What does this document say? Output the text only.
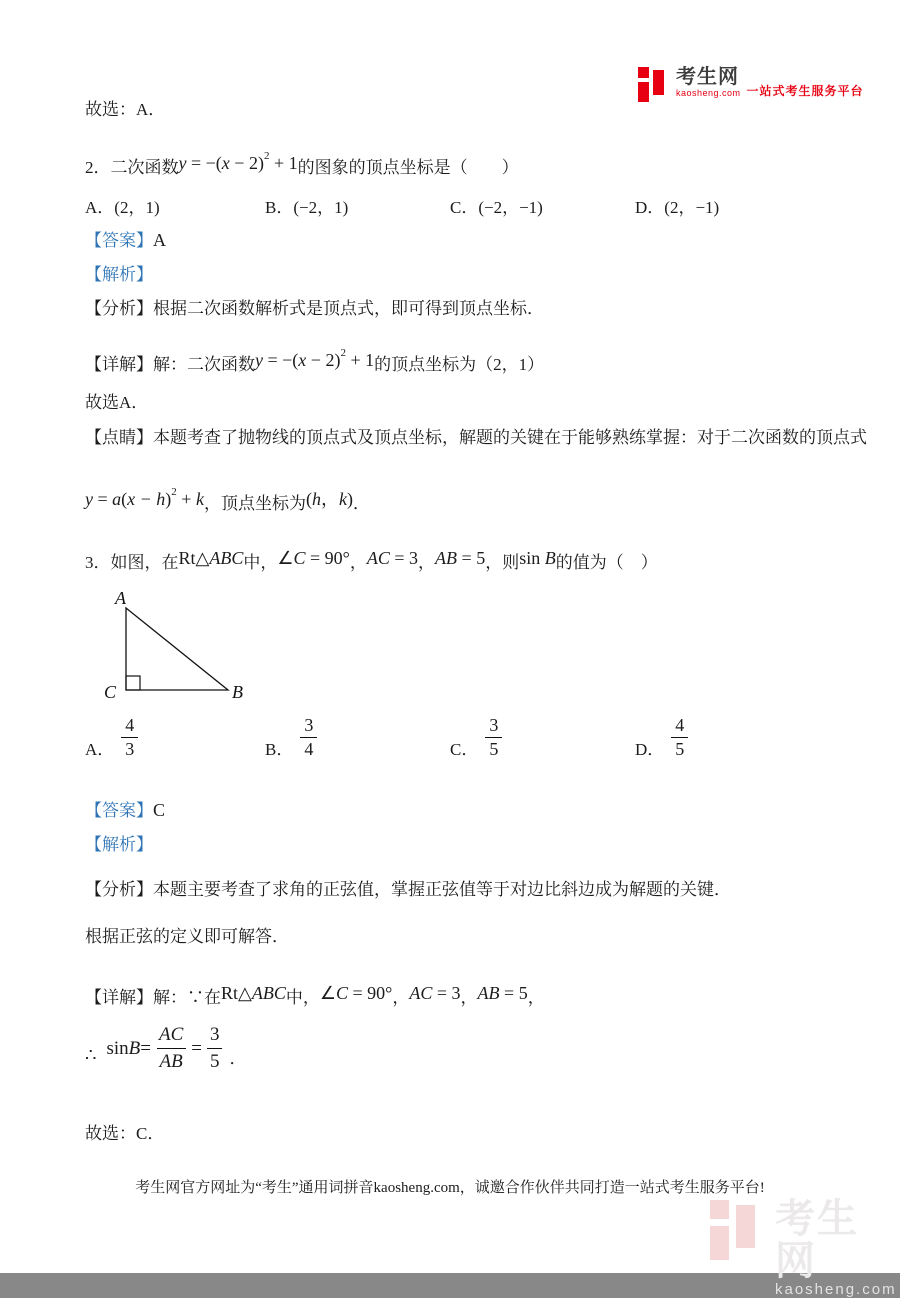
考生网
kaosheng.com 一站式考生服务平台
故选：A．
2．二次函数$y = -(x - 2)^2 + 1$的图象的顶点坐标是（　　）
A．(2，1)	B．(−2，1)	C．(−2，−1)	D．(2，−1)
【答案】A
【解析】
【分析】根据二次函数解析式是顶点式，即可得到顶点坐标．
【详解】解：二次函数$y = -(x - 2)^2 + 1$的顶点坐标为（2，1）
故选A．
【点睛】本题考查了抛物线的顶点式及顶点坐标，解题的关键在于能够熟练掌握：对于二次函数的顶点式
$y = a(x - h)^2 + k$，顶点坐标为(h，k)．
3．如图，在Rt△ABC中，∠C = 90°，AC = 3，AB = 5，则sin B的值为（　）
A
C	B
A．
4
3	B．
3
4	C．
3
5	D．
4
5
【答案】C
【解析】
【分析】本题主要考查了求角的正弦值，掌握正弦值等于对边比斜边成为解题的关键．
根据正弦的定义即可解答．
【详解】解：∵在Rt△ABC中，∠C = 90°，AC = 3，AB = 5，
∴ $\sin B = \frac{AC}{AB} = \frac{3}{5}$ ．
故选：C．
考生网官方网址为“考生”通用词拼音kaosheng.com，诚邀合作伙伴共同打造一站式考生服务平台!
考生网
kaosheng.com
